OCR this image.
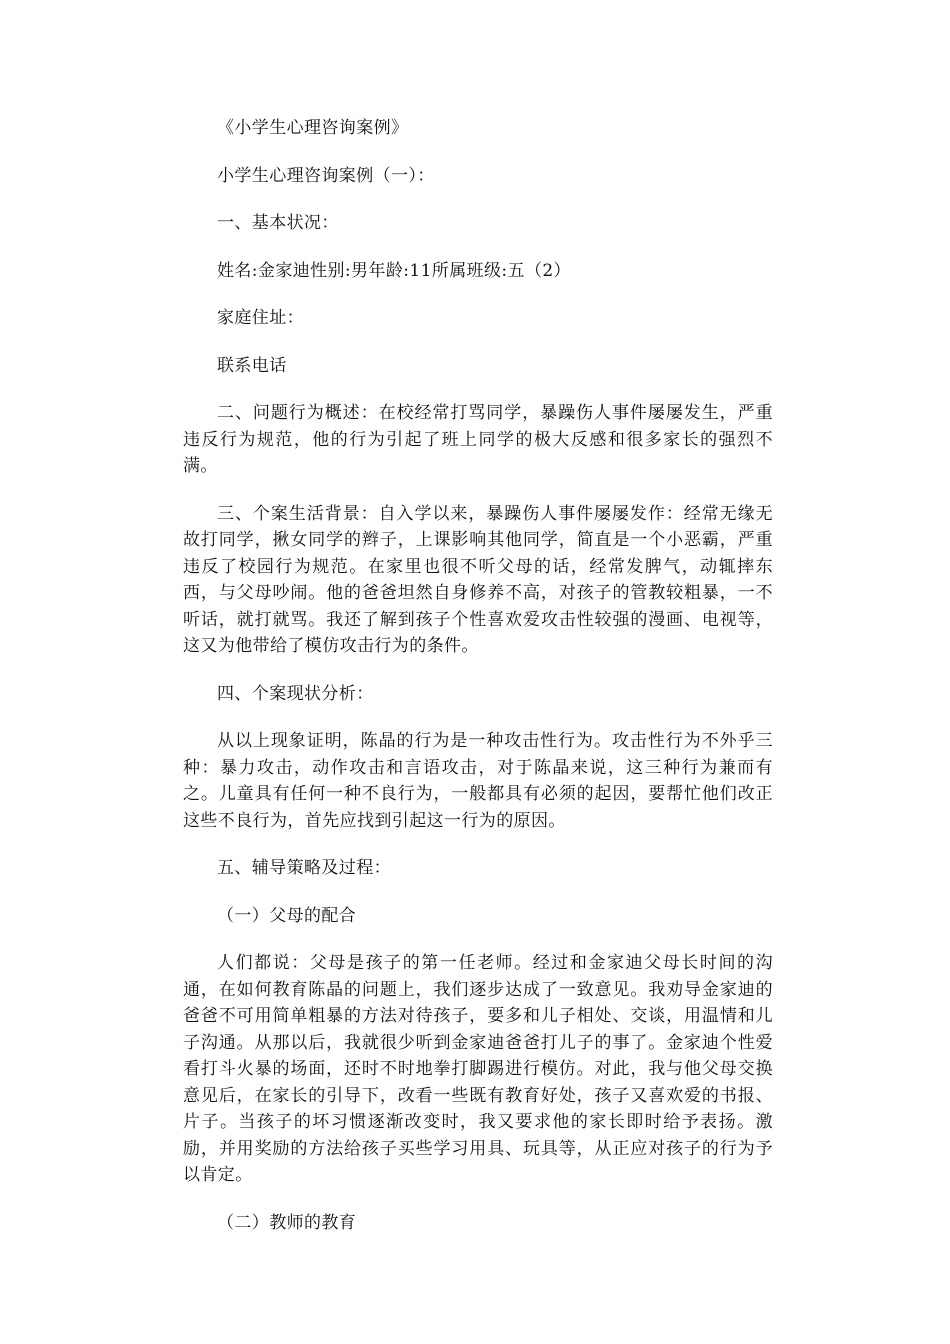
《小学生心理咨询案例》

小学生心理咨询案例（一）：

一、基本状况：

姓名:金家迪性别:男年龄:11所属班级:五（2）

家庭住址：

联系电话

二、问题行为概述：在校经常打骂同学，暴躁伤人事件屡屡发生，严重违反行为规范，他的行为引起了班上同学的极大反感和很多家长的强烈不满。

三、个案生活背景：自入学以来，暴躁伤人事件屡屡发作：经常无缘无故打同学，揪女同学的辫子，上课影响其他同学，简直是一个小恶霸，严重违反了校园行为规范。在家里也很不听父母的话，经常发脾气，动辄摔东西，与父母吵闹。他的爸爸坦然自身修养不高，对孩子的管教较粗暴，一不听话，就打就骂。我还了解到孩子个性喜欢爱攻击性较强的漫画、电视等，这又为他带给了模仿攻击行为的条件。

四、个案现状分析：

从以上现象证明，陈晶的行为是一种攻击性行为。攻击性行为不外乎三种：暴力攻击，动作攻击和言语攻击，对于陈晶来说，这三种行为兼而有之。儿童具有任何一种不良行为，一般都具有必须的起因，要帮忙他们改正这些不良行为，首先应找到引起这一行为的原因。

五、辅导策略及过程：

（一）父母的配合

人们都说：父母是孩子的第一任老师。经过和金家迪父母长时间的沟通，在如何教育陈晶的问题上，我们逐步达成了一致意见。我劝导金家迪的爸爸不可用简单粗暴的方法对待孩子，要多和儿子相处、交谈，用温情和儿子沟通。从那以后，我就很少听到金家迪爸爸打儿子的事了。金家迪个性爱看打斗火暴的场面，还时不时地拳打脚踢进行模仿。对此，我与他父母交换意见后，在家长的引导下，改看一些既有教育好处，孩子又喜欢爱的书报、片子。当孩子的坏习惯逐渐改变时，我又要求他的家长即时给予表扬。激励，并用奖励的方法给孩子买些学习用具、玩具等，从正应对孩子的行为予以肯定。

（二）教师的教育
